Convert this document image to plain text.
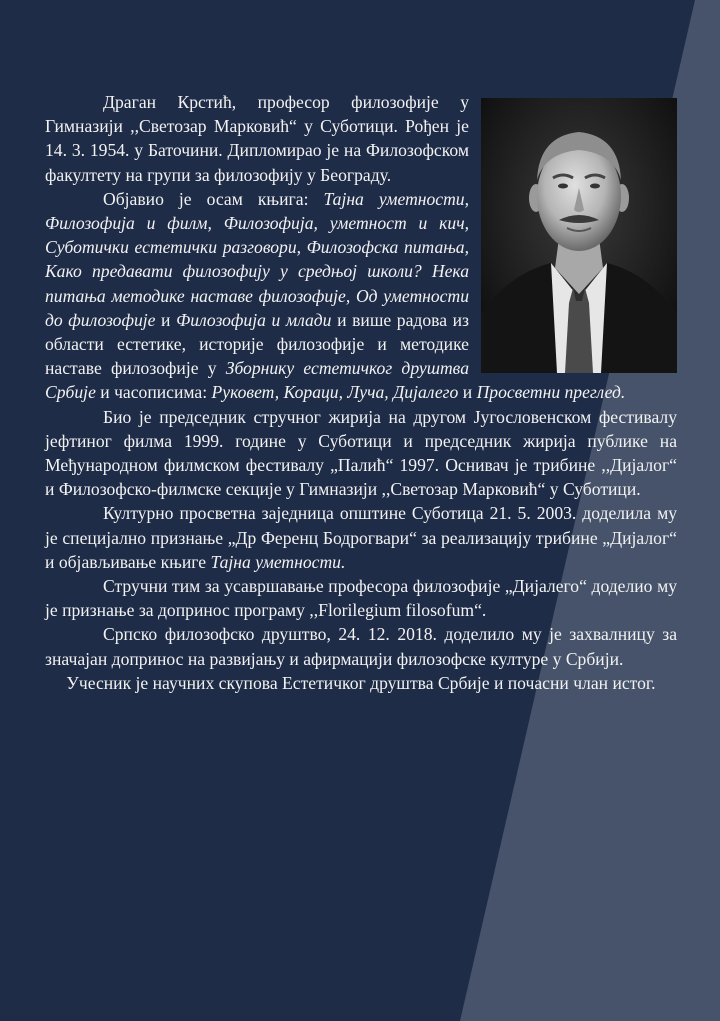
Драган Крстић, професор филозофије у Гимназији ,,Светозар Марковић“ у Суботици. Рођен је 14. 3. 1954. у Баточини. Дипломирао је на Филозофском факултету на групи за филозофију у Београду.

Објавио је осам књига: Тајна уметности, Филозофија и филм, Филозофија, уметност и кич, Суботички естетички разговори, Филозофска питања, Како предавати филозофију у средњој школи? Нека питања методике наставе филозофије, Од уметности до филозофије и Филозофија и млади и више радова из области естетике, историје филозофије и методике наставе филозофије у Зборнику естетичког друштва Србије и часописима: Руковет, Корацu, Луча, Дијалего и Просветни преглед.

Био је председник стручног жирија на другом Југословенском фестивалу јефтиног филма 1999. године у Суботици и председник жирија публике на Међународном филмском фестивалу „Палић“ 1997. Оснивач је трибине ,,Дијалог“ и Филозофско-филмске секције у Гимназији ,,Светозар Марковић“ у Суботици.

Културно просветна заједница општине Суботица 21. 5. 2003. доделила му је специјално признање „Др Ференц Бодрогвари“ за реализацију трибине „Дијалог“ и објављивање књиге Тајна уметности.

Стручни тим за усавршавање професора филозофије „Дијалего“ доделио му је признање за допринос програму ,,Florilegium filosofum“.

Српско филозофско друштво, 24. 12. 2018. доделило му је захвалницу за значајан допринос на развијању и афирмацији филозофске културе у Србији.

Учесник је научних скупова Естетичког друштва Србије и почасни члан истог.
